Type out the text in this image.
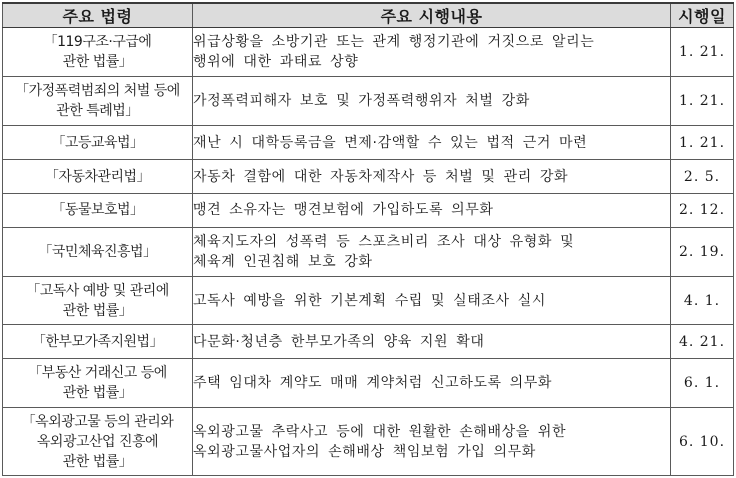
주요 법령	주요 시행내용	시행일

「119구조·구급에
관한 법률」	위급상황을 소방기관 또는 관계 행정기관에 거짓으로 알리는
행위에 대한 과태료 상향	1. 21.

「가정폭력범죄의 처벌 등에
관한 특례법」	가정폭력피해자 보호 및 가정폭력행위자 처벌 강화	1. 21.

「고등교육법」	재난 시 대학등록금을 면제·감액할 수 있는 법적 근거 마련	1. 21.

「자동차관리법」	자동차 결함에 대한 자동차제작사 등 처벌 및 관리 강화	2. 5.

「동물보호법」	맹견 소유자는 맹견보험에 가입하도록 의무화	2. 12.

「국민체육진흥법」	체육지도자의 성폭력 등 스포츠비리 조사 대상 유형화 및
체육계 인권침해 보호 강화	2. 19.

「고독사 예방 및 관리에
관한 법률」	고독사 예방을 위한 기본계획 수립 및 실태조사 실시	4. 1.

「한부모가족지원법」	다문화·청년층 한부모가족의 양육 지원 확대	4. 21.

「부동산 거래신고 등에
관한 법률」	주택 임대차 계약도 매매 계약처럼 신고하도록 의무화	6. 1.

「옥외광고물 등의 관리와
옥외광고산업 진흥에
관한 법률」	옥외광고물 추락사고 등에 대한 원활한 손해배상을 위한
옥외광고물사업자의 손해배상 책임보험 가입 의무화	6. 10.
